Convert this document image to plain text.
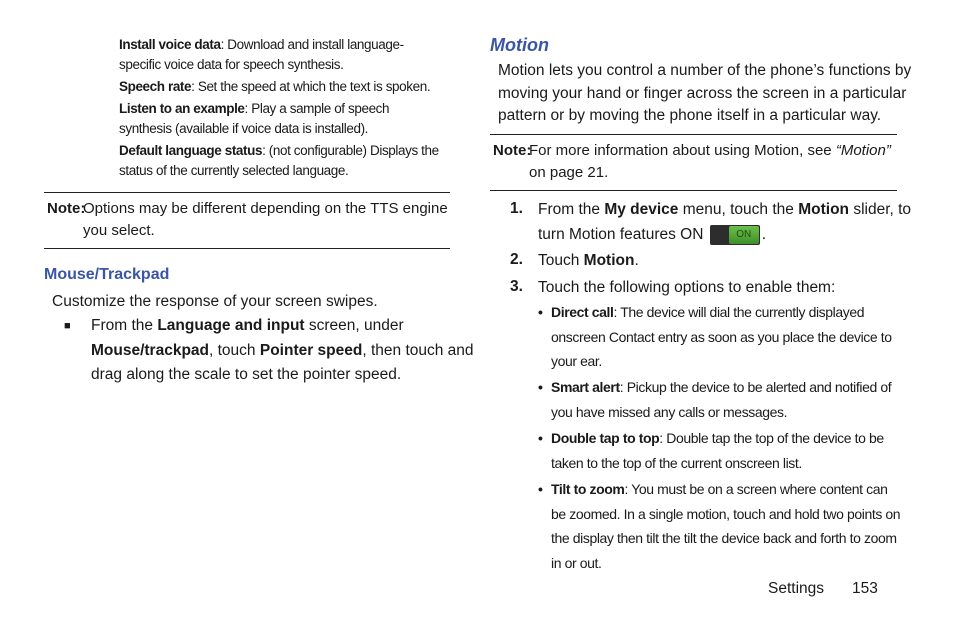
Install voice data: Download and install language-specific voice data for speech synthesis.
Speech rate: Set the speed at which the text is spoken.
Listen to an example: Play a sample of speech synthesis (available if voice data is installed).
Default language status: (not configurable) Displays the status of the currently selected language.
Note:
Options may be different depending on the TTS engine
you select.
Mouse/Trackpad
Customize the response of your screen swipes.
■ From the Language and input screen, under
Mouse/trackpad, touch Pointer speed, then touch and
drag along the scale to set the pointer speed.
Motion
Motion lets you control a number of the phone’s functions by
moving your hand or finger across the screen in a particular
pattern or by moving the phone itself in a particular way.
Note:
For more information about using Motion, see “Motion”
on page 21.
1. From the My device menu, touch the Motion slider, to
turn Motion features ON	ON .
2. Touch Motion.
3. Touch the following options to enable them:
• Direct call: The device will dial the currently displayed onscreen Contact entry as soon as you place the device to your ear.
• Smart alert: Pickup the device to be alerted and notified of you have missed any calls or messages.
• Double tap to top: Double tap the top of the device to be taken to the top of the current onscreen list.
• Tilt to zoom: You must be on a screen where content can be zoomed. In a single motion, touch and hold two points on the display then tilt the tilt the device back and forth to zoom in or out.
Settings 153
